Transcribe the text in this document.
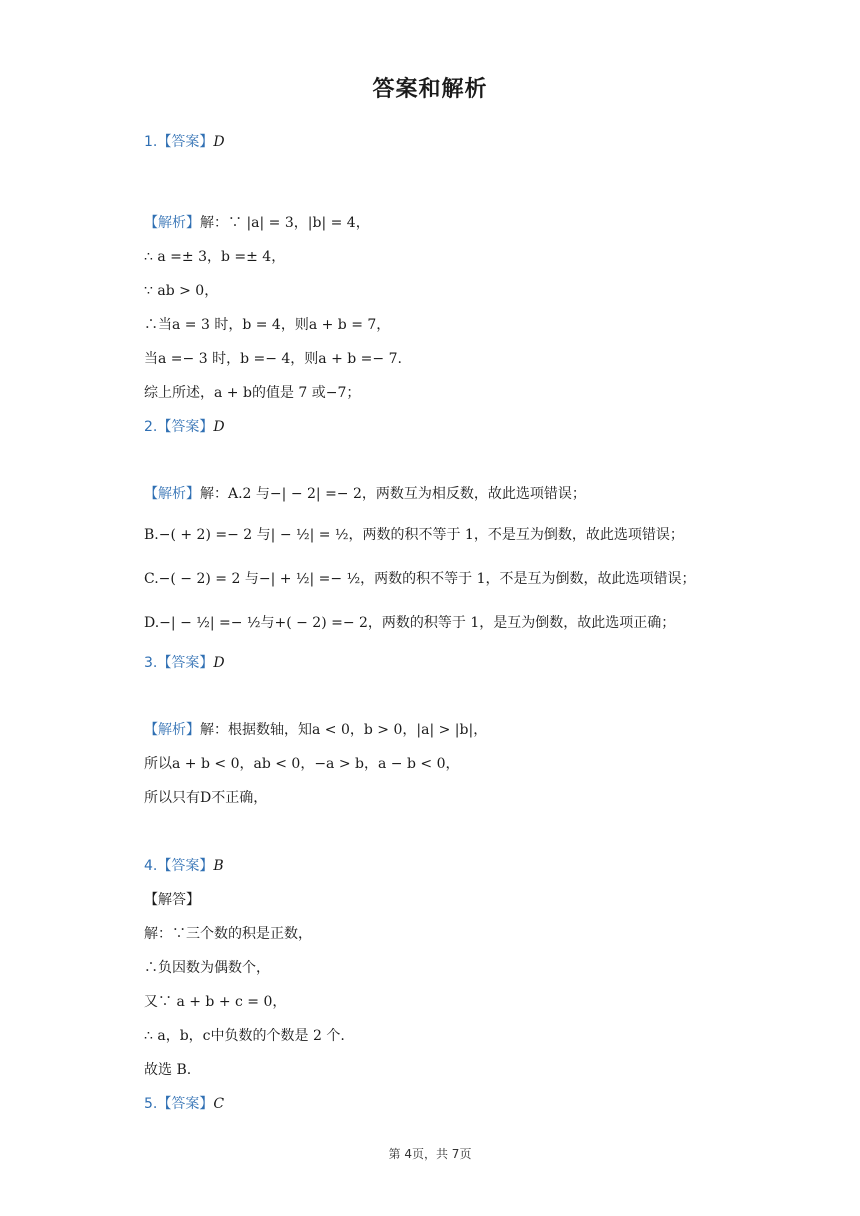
答案和解析
1.【答案】D
【解析】解：∵ |a| = 3，|b| = 4，
∴ a =± 3，b =± 4，
∵ ab > 0，
∴当a = 3 时，b = 4，则a + b = 7，
当a =− 3 时，b =− 4，则a + b =− 7.
综上所述，a + b的值是 7 或−7；
2.【答案】D
【解析】解：A.2 与−| − 2| =− 2，两数互为相反数，故此选项错误；
B.−( + 2) =− 2 与| − ½| = ½，两数的积不等于 1，不是互为倒数，故此选项错误；
C.−( − 2) = 2 与−| + ½| =− ½，两数的积不等于 1，不是互为倒数，故此选项错误；
D.−| − ½| =− ½与+( − 2) =− 2，两数的积等于 1，是互为倒数，故此选项正确；
3.【答案】D
【解析】解：根据数轴，知a < 0，b > 0，|a| > |b|，
所以a + b < 0，ab < 0，−a > b，a − b < 0，
所以只有D不正确，
4.【答案】B
【解答】
解：∵三个数的积是正数，
∴负因数为偶数个，
又∵ a + b + c = 0，
∴ a，b，c中负数的个数是 2 个.
故选 B.
5.【答案】C
第 4页，共 7页
